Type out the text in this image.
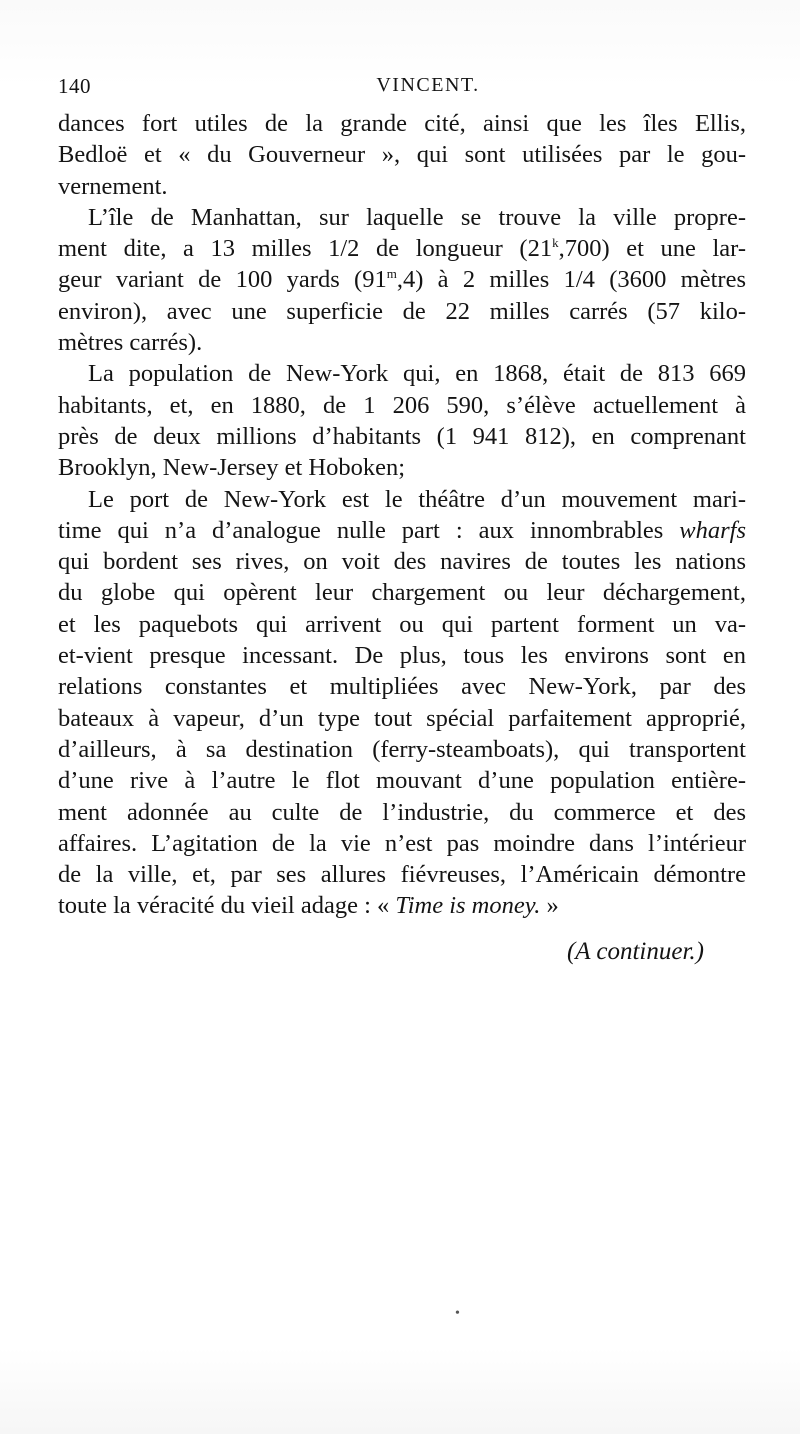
140	VINCENT.
dances fort utiles de la grande cité, ainsi que les îles Ellis,
Bedloë et « du Gouverneur », qui sont utilisées par le gou-
vernement.
L’île de Manhattan, sur laquelle se trouve la ville propre-
ment dite, a 13 milles 1/2 de longueur (21$^k$,700) et une lar-
geur variant de 100 yards (91$^m$,4) à 2 milles 1/4 (3600 mètres
environ), avec une superficie de 22 milles carrés (57 kilo-
mètres carrés).
La population de New-York qui, en 1868, était de 813 669
habitants, et, en 1880, de 1 206 590, s’élève actuellement à
près de deux millions d’habitants (1 941 812), en comprenant
Brooklyn, New-Jersey et Hoboken;
Le port de New-York est le théâtre d’un mouvement mari-
time qui n’a d’analogue nulle part : aux innombrables wharfs
qui bordent ses rives, on voit des navires de toutes les nations
du globe qui opèrent leur chargement ou leur déchargement,
et les paquebots qui arrivent ou qui partent forment un va-
et-vient presque incessant. De plus, tous les environs sont en
relations constantes et multipliées avec New-York, par des
bateaux à vapeur, d’un type tout spécial parfaitement approprié,
d’ailleurs, à sa destination (ferry-steamboats), qui transportent
d’une rive à l’autre le flot mouvant d’une population entière-
ment adonnée au culte de l’industrie, du commerce et des
affaires. L’agitation de la vie n’est pas moindre dans l’intérieur
de la ville, et, par ses allures fiévreuses, l’Américain démontre
toute la véracité du vieil adage : « Time is money. »
(A continuer.)
•
